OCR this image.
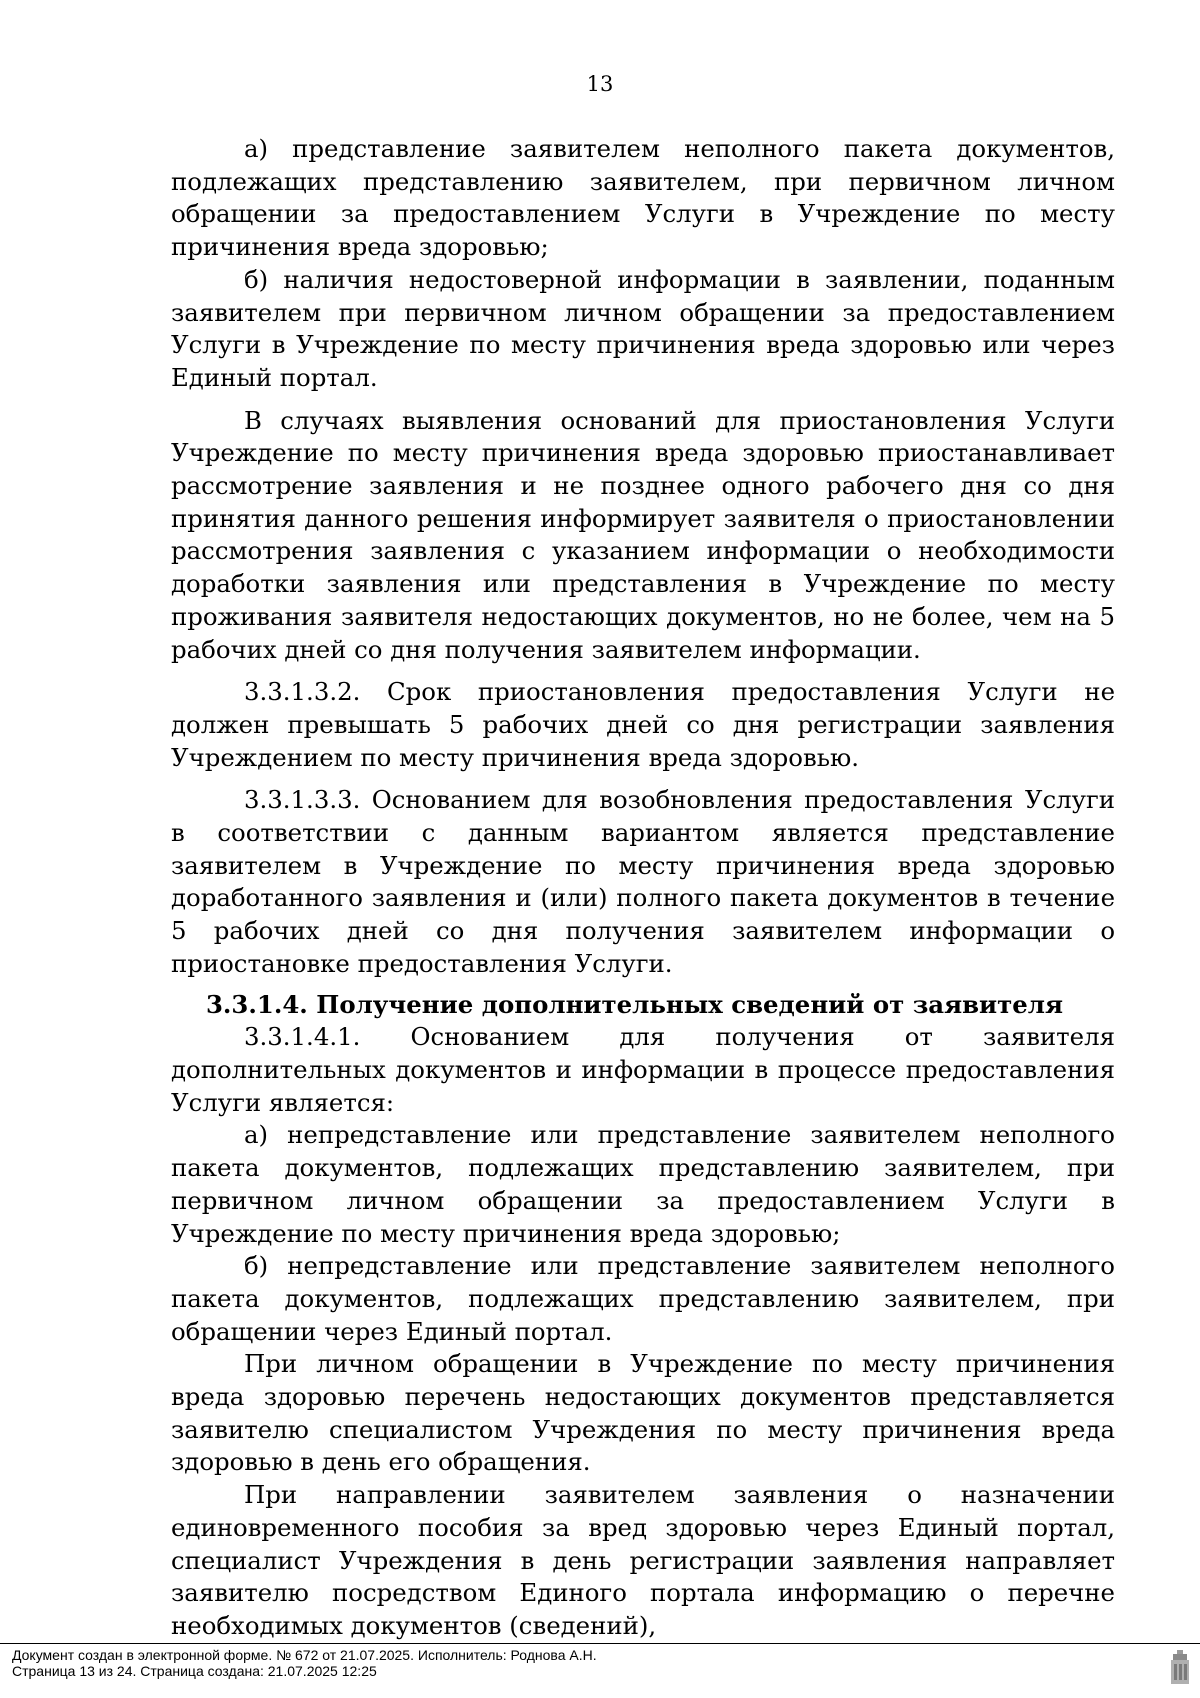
13

а) представление заявителем неполного пакета документов, подлежащих представлению заявителем, при первичном личном обращении за предоставлением Услуги в Учреждение по месту причинения вреда здоровью;

б) наличия недостоверной информации в заявлении, поданным заявителем при первичном личном обращении за предоставлением Услуги в Учреждение по месту причинения вреда здоровью или через Единый портал.

В случаях выявления оснований для приостановления Услуги Учреждение по месту причинения вреда здоровью приостанавливает рассмотрение заявления и не позднее одного рабочего дня со дня принятия данного решения информирует заявителя о приостановлении рассмотрения заявления с указанием информации о необходимости доработки заявления или представления в Учреждение по месту проживания заявителя недостающих документов, но не более, чем на 5 рабочих дней со дня получения заявителем информации.

3.3.1.3.2. Срок приостановления предоставления Услуги не должен превышать 5 рабочих дней со дня регистрации заявления Учреждением по месту причинения вреда здоровью.

3.3.1.3.3. Основанием для возобновления предоставления Услуги в соответствии с данным вариантом является представление заявителем в Учреждение по месту причинения вреда здоровью доработанного заявления и (или) полного пакета документов в течение 5 рабочих дней со дня получения заявителем информации о приостановке предоставления Услуги.

3.3.1.4. Получение дополнительных сведений от заявителя

3.3.1.4.1. Основанием для получения от заявителя дополнительных документов и информации в процессе предоставления Услуги является:

а) непредставление или представление заявителем неполного пакета документов, подлежащих представлению заявителем, при первичном личном обращении за предоставлением Услуги в Учреждение по месту причинения вреда здоровью;

б) непредставление или представление заявителем неполного пакета документов, подлежащих представлению заявителем, при обращении через Единый портал.

При личном обращении в Учреждение по месту причинения вреда здоровью перечень недостающих документов представляется заявителю специалистом Учреждения по месту причинения вреда здоровью в день его обращения.

При направлении заявителем заявления о назначении единовременного пособия за вред здоровью через Единый портал, специалист Учреждения в день регистрации заявления направляет заявителю посредством Единого портала информацию о перечне необходимых документов (сведений),

Документ создан в электронной форме. № 672 от 21.07.2025. Исполнитель: Роднова А.Н.
Страница 13 из 24. Страница создана: 21.07.2025 12:25
